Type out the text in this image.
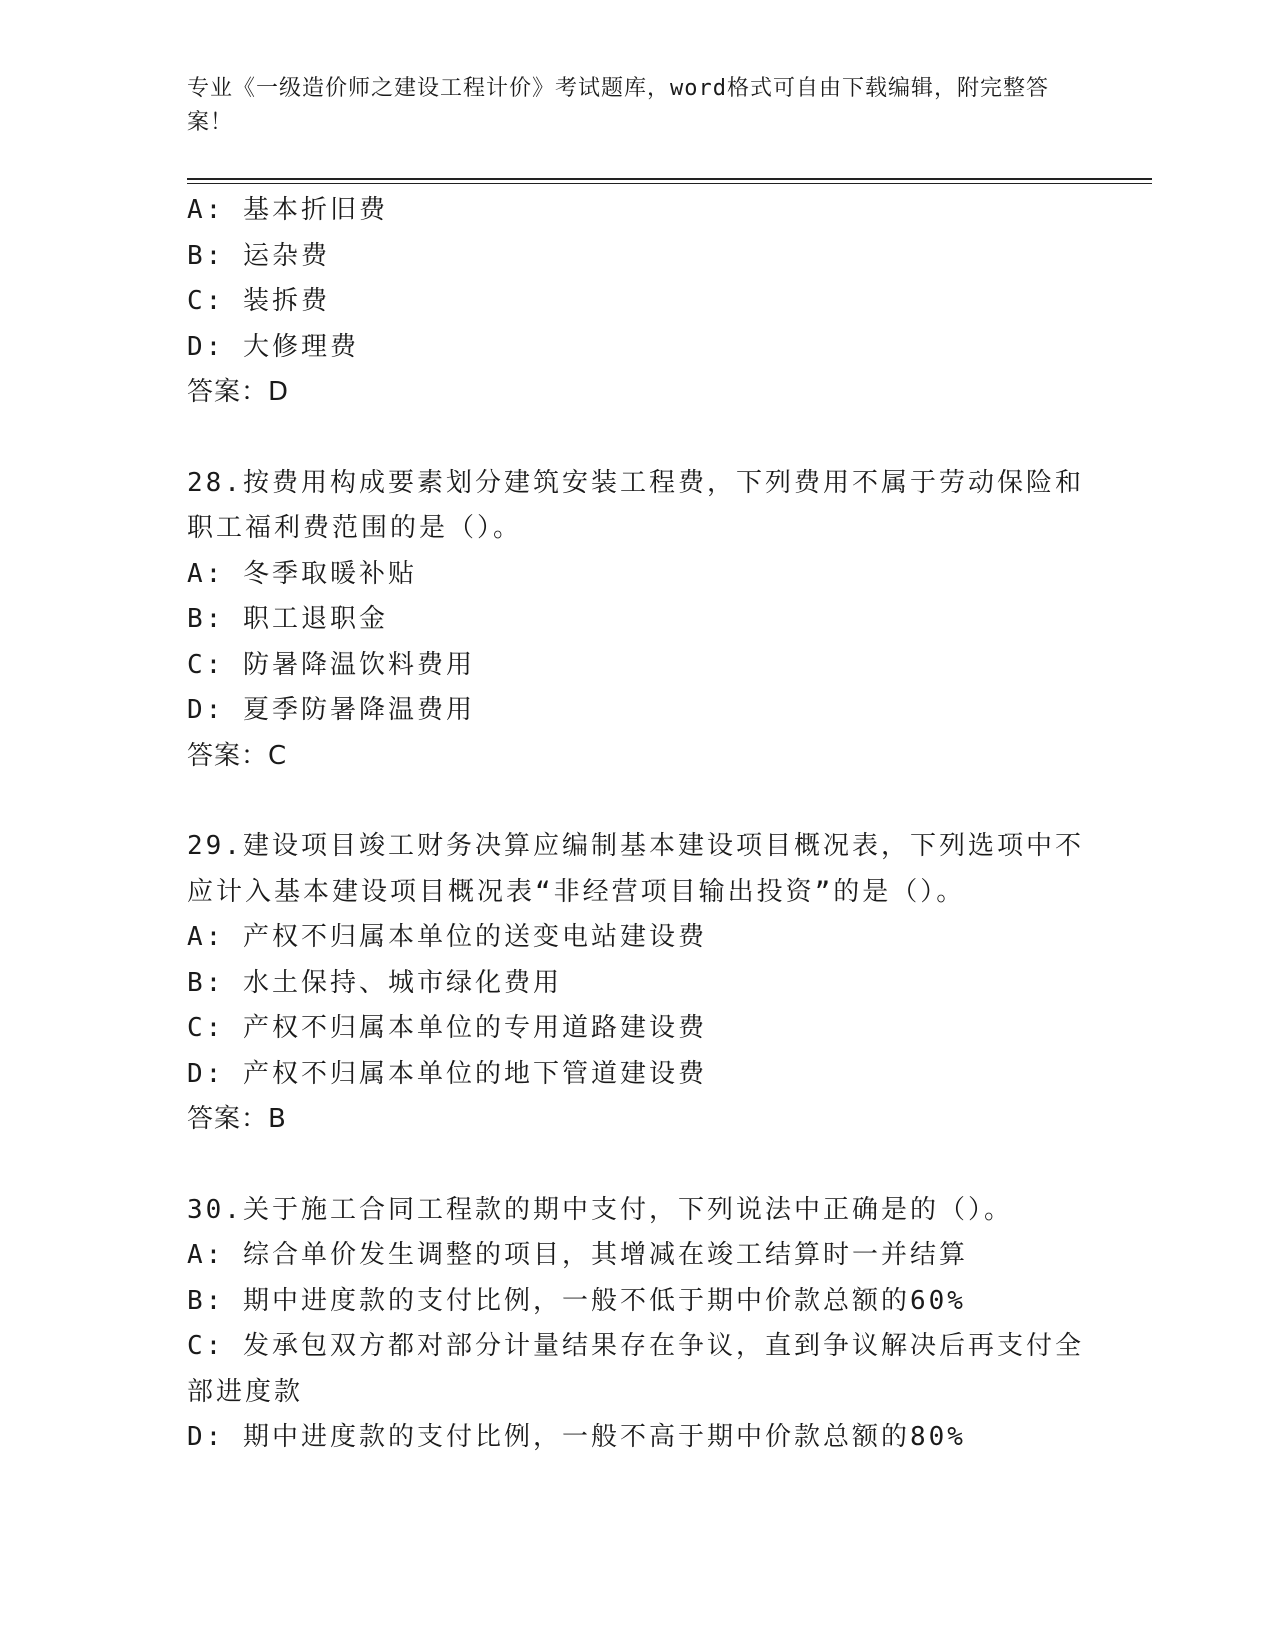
专业《一级造价师之建设工程计价》考试题库，word格式可自由下载编辑，附完整答案！
A: 基本折旧费
B: 运杂费
C: 装拆费
D: 大修理费
答案：D
28.按费用构成要素划分建筑安装工程费，下列费用不属于劳动保险和
职工福利费范围的是（）。
A: 冬季取暖补贴
B: 职工退职金
C: 防暑降温饮料费用
D: 夏季防暑降温费用
答案：C
29.建设项目竣工财务决算应编制基本建设项目概况表，下列选项中不
应计入基本建设项目概况表“非经营项目输出投资”的是（）。
A: 产权不归属本单位的送变电站建设费
B: 水土保持、城市绿化费用
C: 产权不归属本单位的专用道路建设费
D: 产权不归属本单位的地下管道建设费
答案：B
30.关于施工合同工程款的期中支付，下列说法中正确是的（）。
A: 综合单价发生调整的项目，其增减在竣工结算时一并结算
B: 期中进度款的支付比例，一般不低于期中价款总额的60%
C: 发承包双方都对部分计量结果存在争议，直到争议解决后再支付全部进度款
D: 期中进度款的支付比例，一般不高于期中价款总额的80%
